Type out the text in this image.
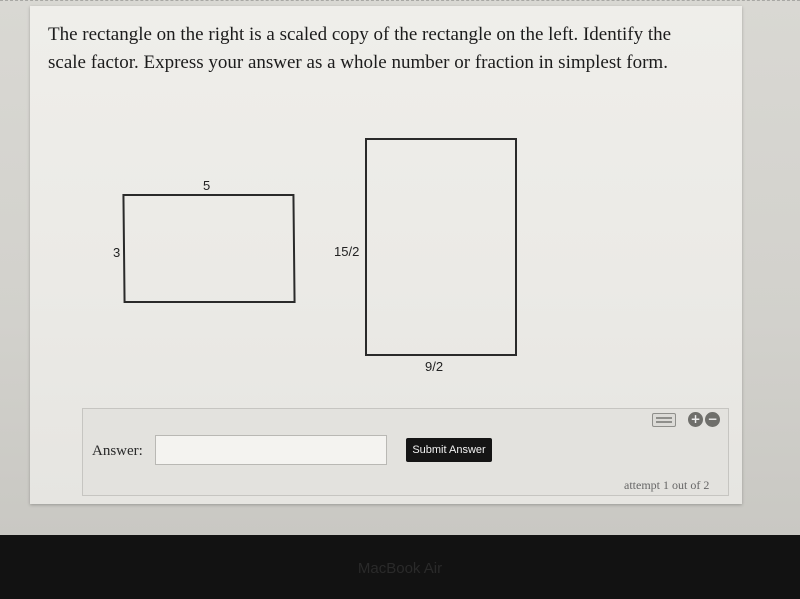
The rectangle on the right is a scaled copy of the rectangle on the left. Identify the
scale factor. Express your answer as a whole number or fraction in simplest form.
5
3	15/2
9/2
+ −
Answer:	Submit Answer
attempt 1 out of 2
MacBook Air
